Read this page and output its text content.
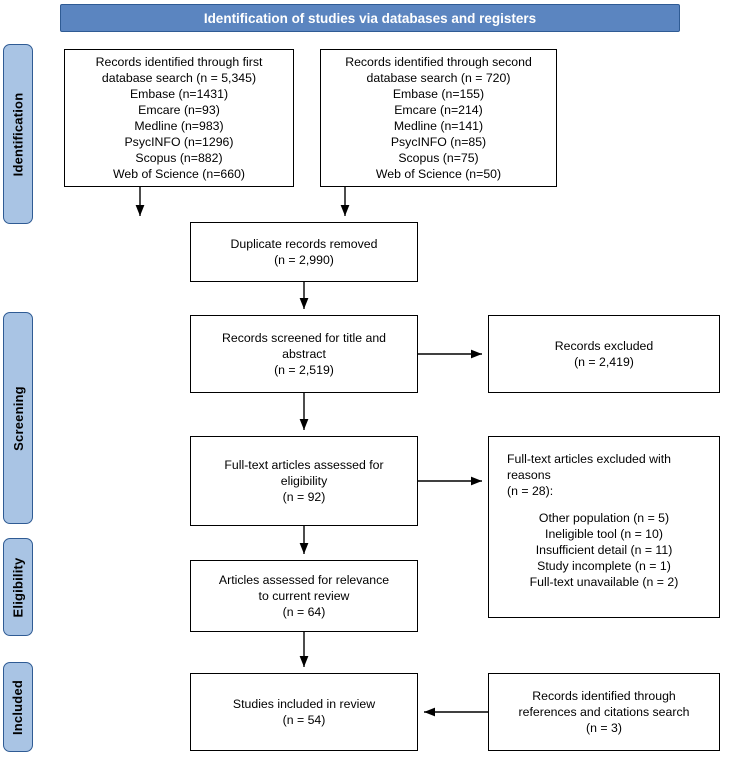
Identification of studies via databases and registers
Identification
Screening
Eligibility
Included
Records identified through first
database search (n = 5,345)
Embase (n=1431)
Emcare (n=93)
Medline (n=983)
PsycINFO (n=1296)
Scopus (n=882)
Web of Science (n=660)
Records identified through second
database search (n = 720)
Embase (n=155)
Emcare (n=214)
Medline (n=141)
PsycINFO (n=85)
Scopus (n=75)
Web of Science (n=50)
Duplicate records removed
(n = 2,990)
Records screened for title and
abstract
(n = 2,519)
Records excluded
(n = 2,419)
Full-text articles assessed for
eligibility
(n = 92)
Full-text articles excluded with
reasons
(n = 28):
Other population (n = 5)
Ineligible tool (n = 10)
Insufficient detail (n = 11)
Study incomplete (n = 1)
Full-text unavailable (n = 2)
Articles assessed for relevance
to current review
(n = 64)
Studies included in review
(n = 54)
Records identified through
references and citations search
(n = 3)
